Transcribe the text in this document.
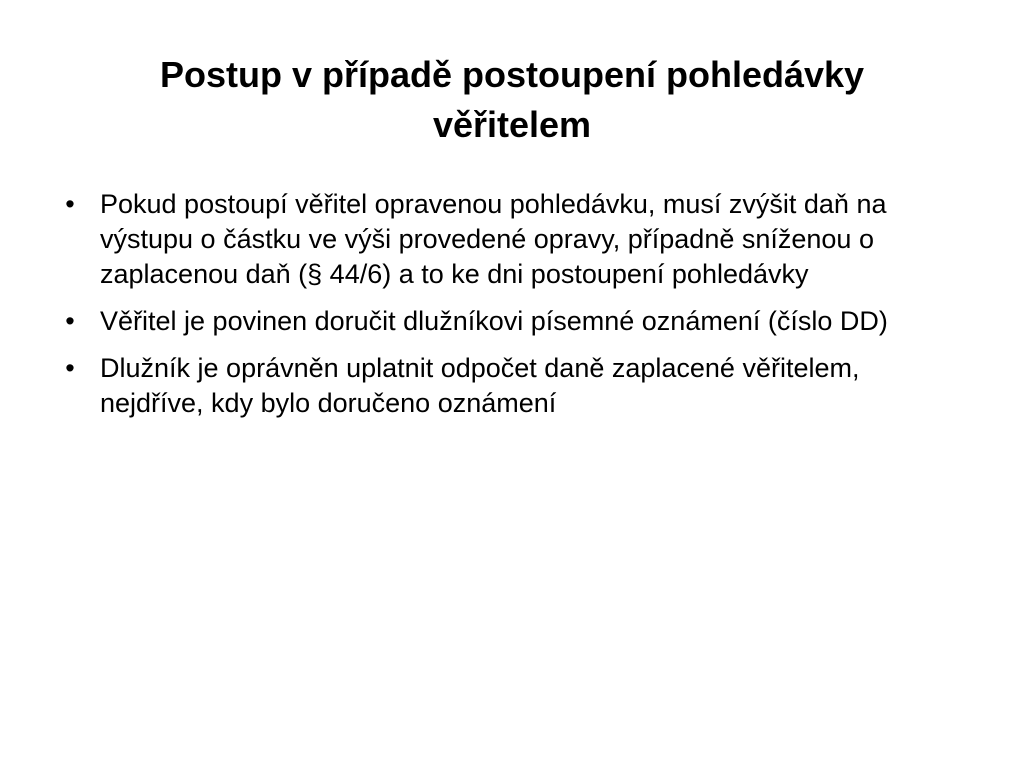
Postup v případě postoupení pohledávky věřitelem
• Pokud postoupí věřitel opravenou pohledávku, musí zvýšit daň na výstupu o částku ve výši provedené opravy, případně sníženou o zaplacenou daň (§ 44/6) a to ke dni postoupení pohledávky
• Věřitel je povinen doručit dlužníkovi písemné oznámení (číslo DD)
• Dlužník je oprávněn uplatnit odpočet daně zaplacené věřitelem, nejdříve, kdy bylo doručeno oznámení
